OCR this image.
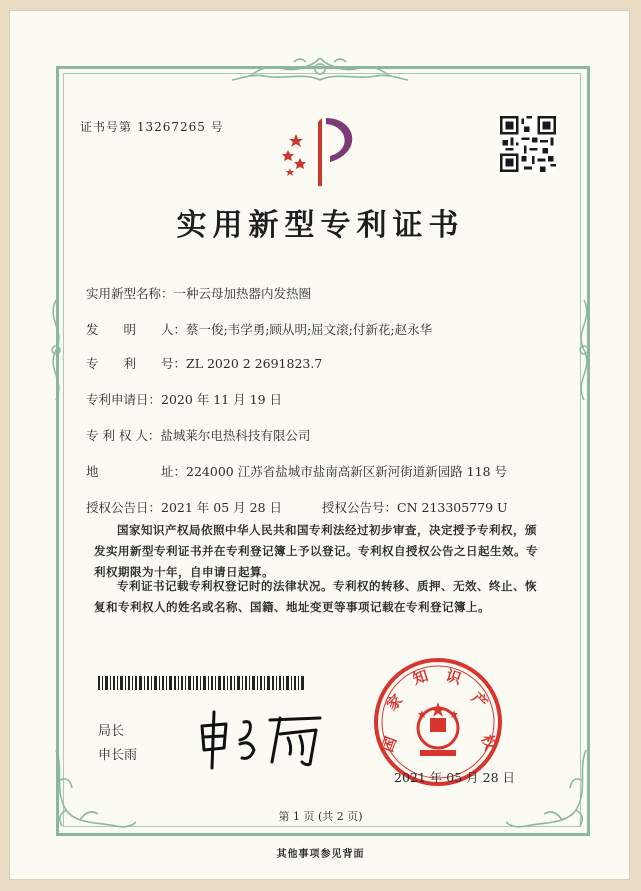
证书号第 13267265 号
实用新型专利证书
实用新型名称：一种云母加热器内发热圈
发　　明　　人：蔡一俊;韦学勇;顾从明;屈文滚;付新花;赵永华
专　　利　　号：ZL 2020 2 2691823.7
专利申请日：2020 年 11 月 19 日
专 利 权 人：盐城莱尔电热科技有限公司
地　　　　　址：224000 江苏省盐城市盐南高新区新河街道新园路 118 号
授权公告日：2021 年 05 月 28 日	授权公告号：CN 213305779 U
国家知识产权局依照中华人民共和国专利法经过初步审查，决定授予专利权，颁发实用新型专利证书并在专利登记簿上予以登记。专利权自授权公告之日起生效。专利权期限为十年，自申请日起算。
专利证书记载专利权登记时的法律状况。专利权的转移、质押、无效、终止、恢复和专利权人的姓名或名称、国籍、地址变更等事项记载在专利登记簿上。
局长
申长雨
国
家
知 识
产
权
2021 年 05 月 28 日
第 1 页 (共 2 页)
其他事项参见背面
